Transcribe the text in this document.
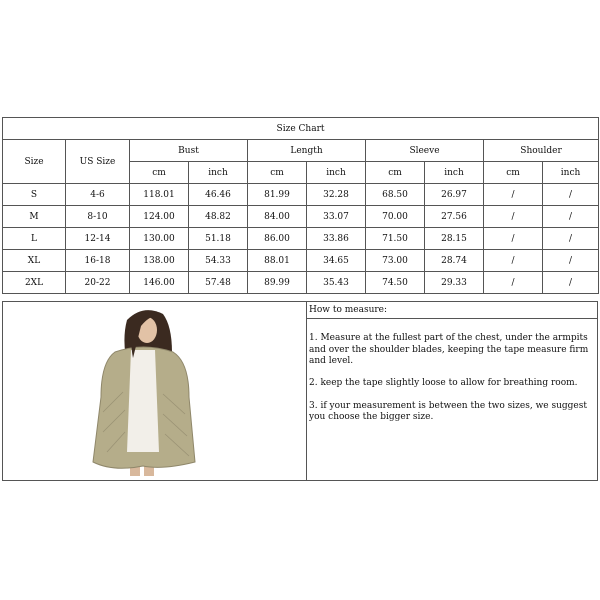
Size Chart									
Size	US Size	Bust		Length		Sleeve		Shoulder	
		cm	inch	cm	inch	cm	inch	cm	inch
S	4-6	118.01	46.46	81.99	32.28	68.50	26.97	/	/
M	8-10	124.00	48.82	84.00	33.07	70.00	27.56	/	/
L	12-14	130.00	51.18	86.00	33.86	71.50	28.15	/	/
XL	16-18	138.00	54.33	88.01	34.65	73.00	28.74	/	/
2XL	20-22	146.00	57.48	89.99	35.43	74.50	29.33	/	/
How to measure:

1. Measure at the fullest part of the chest, under the armpits and over the shoulder blades, keeping the tape measure firm and level.

2. keep the tape slightly loose to allow for breathing room.

3. if your measurement is between the two sizes, we suggest you choose the bigger size.
